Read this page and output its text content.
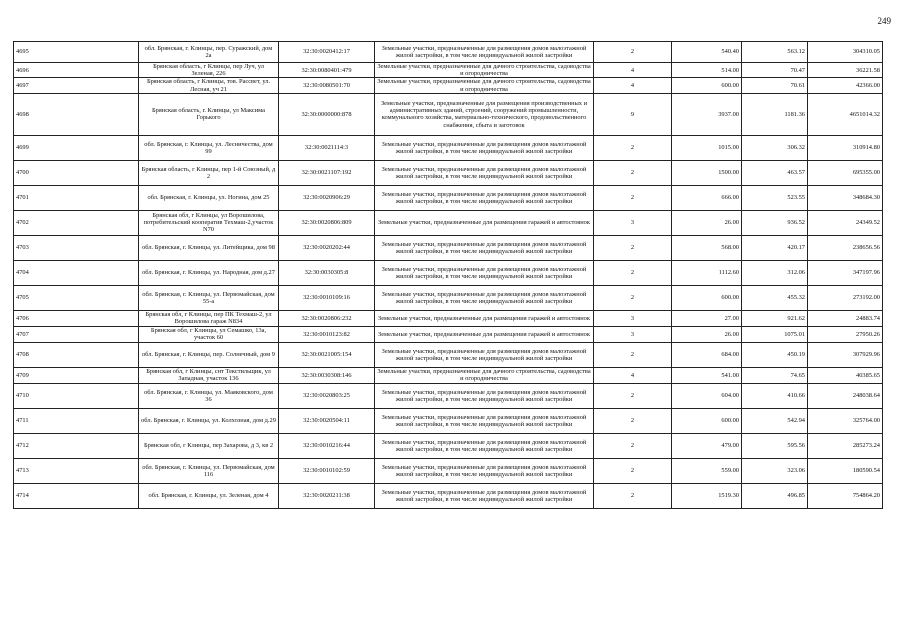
249
4695	обл. Брянская, г. Клинцы, пер. Суражский, дом 2а	32:30:0020412:17	Земельные участки, предназначенные для размещения домов малоэтажной жилой застройки, в том числе индивидуальной жилой застройки	2	540.40	563.12	304310.05
4696	Брянская область, г Клинцы, пер Луч, ул Зеленая, 226	32:30:0080401:479	Земельные участки, предназначенные для дачного строительства, садоводства и огородничества	4	514.00	70.47	36221.58
4697	Брянская область, г Клинцы, тов. Рассвет, ул. Лесная, уч 21	32:30:0080501:70	Земельные участки, предназначенные для дачного строительства, садоводства и огородничества	4	600.00	70.61	42366.00
4698	Брянская область, г. Клинцы, ул Максима Горького	32:30:0000000:878	Земельные участки, предназначенные для размещения производственных и административных зданий, строений, сооружений промышленности, коммунального хозяйства, материально-технического, продовольственного снабжения, сбыта и заготовок	9	3937.00	1181.36	4651014.32
4699	обл. Брянская, г. Клинцы, ул. Лесничества, дом 99	32:30:0021114:3	Земельные участки, предназначенные для размещения домов малоэтажной жилой застройки, в том числе индивидуальной жилой застройки	2	1015.00	306.32	310914.80
4700	Брянская область, г Клинцы, пер 1-й Союзный, д 2	32:30:0021107:192	Земельные участки, предназначенные для размещения домов малоэтажной жилой застройки, в том числе индивидуальной жилой застройки	2	1500.00	463.57	695355.00
4701	обл. Брянская, г. Клинцы, ул. Ногина, дом 25	32:30:0020906:29	Земельные участки, предназначенные для размещения домов малоэтажной жилой застройки, в том числе индивидуальной жилой застройки	2	666.00	523.55	348684.30
4702	Брянская обл, г Клинцы, ул Ворошилова, потребительский кооператив Техмаш-2,участок N70	32:30:0020806:809	Земельные участки, предназначенные для размещения гаражей и автостоянок	3	26.00	936.52	24349.52
4703	обл. Брянская, г. Клинцы, ул. Литейщика, дом 98	32:30:0020202:44	Земельные участки, предназначенные для размещения домов малоэтажной жилой застройки, в том числе индивидуальной жилой застройки	2	568.00	420.17	238656.56
4704	обл. Брянская, г. Клинцы, ул. Народная, дом д.27	32:30:0030305:8	Земельные участки, предназначенные для размещения домов малоэтажной жилой застройки, в том числе индивидуальной жилой застройки	2	1112.60	312.06	347197.96
4705	обл. Брянская, г. Клинцы, ул. Первомайская, дом 55-а	32:30:0010109:16	Земельные участки, предназначенные для размещения домов малоэтажной жилой застройки, в том числе индивидуальной жилой застройки	2	600.00	455.32	273192.00
4706	Брянская обл, г Клинцы, пер ПК Техмаш-2, ул Ворошилова гараж N834	32:30:0020806:232	Земельные участки, предназначенные для размещения гаражей и автостоянок	3	27.00	921.62	24883.74
4707	Брянская обл, г Клинцы, ул Семашко, 13а, участок 60	32:30:0010123:82	Земельные участки, предназначенные для размещения гаражей и автостоянок	3	26.00	1075.01	27950.26
4708	обл. Брянская, г. Клинцы, пер. Солнечный, дом 9	32:30:0021005:154	Земельные участки, предназначенные для размещения домов малоэтажной жилой застройки, в том числе индивидуальной жилой застройки	2	684.00	450.19	307929.96
4709	Брянская обл, г Клинцы, снт Текстильщик, ул Западная, участок 136	32:30:0030308:146	Земельные участки, предназначенные для дачного строительства, садоводства и огородничества	4	541.00	74.65	40385.65
4710	обл. Брянская, г. Клинцы, ул. Маяковского, дом 36	32:30:0020803:25	Земельные участки, предназначенные для размещения домов малоэтажной жилой застройки, в том числе индивидуальной жилой застройки	2	604.00	410.66	248038.64
4711	обл. Брянская, г. Клинцы, ул. Колхозная, дом д.29	32:30:0020504:11	Земельные участки, предназначенные для размещения домов малоэтажной жилой застройки, в том числе индивидуальной жилой застройки	2	600.00	542.94	325764.00
4712	Брянская обл, г Клинцы, пер Захарова, д 3, кв 2	32:30:0010216:44	Земельные участки, предназначенные для размещения домов малоэтажной жилой застройки, в том числе индивидуальной жилой застройки	2	479.00	595.56	285273.24
4713	обл. Брянская, г. Клинцы, ул. Первомайская, дом 116	32:30:0010102:59	Земельные участки, предназначенные для размещения домов малоэтажной жилой застройки, в том числе индивидуальной жилой застройки	2	559.00	323.06	180590.54
4714	обл. Брянская, г. Клинцы, ул. Зеленая, дом 4	32:30:0020211:38	Земельные участки, предназначенные для размещения домов малоэтажной жилой застройки, в том числе индивидуальной жилой застройки	2	1519.30	496.85	754864.20
